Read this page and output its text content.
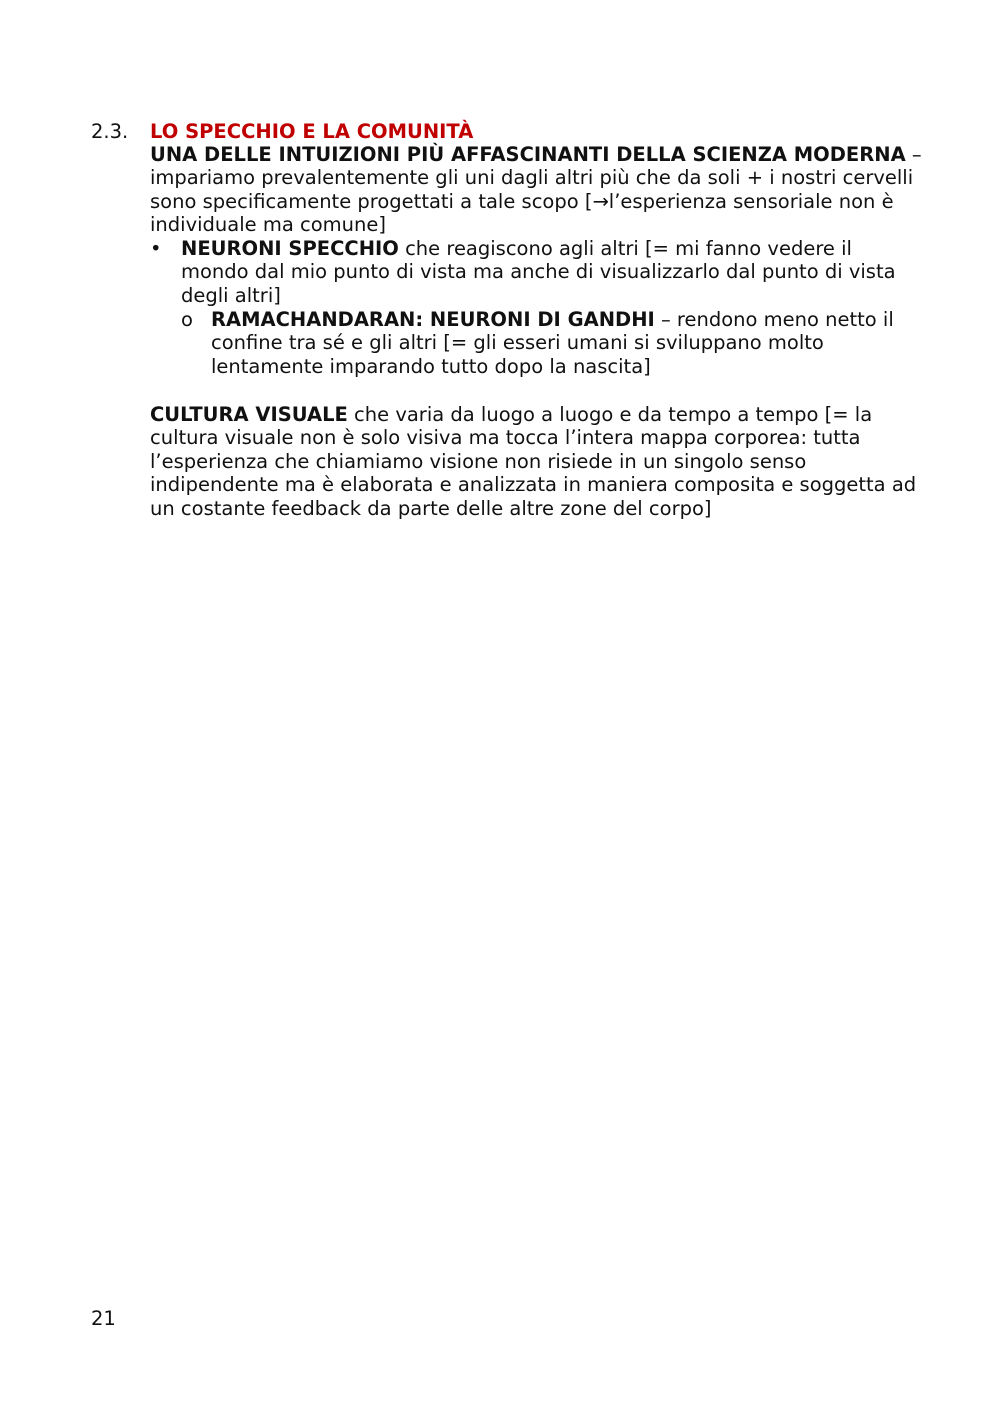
2.3. LO SPECCHIO E LA COMUNITÀ
UNA DELLE INTUIZIONI PIÙ AFFASCINANTI DELLA SCIENZA MODERNA – impariamo prevalentemente gli uni dagli altri più che da soli + i nostri cervelli sono specificamente progettati a tale scopo [→l’esperienza sensoriale non è individuale ma comune]
• NEURONI SPECCHIO che reagiscono agli altri [= mi fanno vedere il mondo dal mio punto di vista ma anche di visualizzarlo dal punto di vista degli altri]
o RAMACHANDARAN: NEURONI DI GANDHI – rendono meno netto il confine tra sé e gli altri [= gli esseri umani si sviluppano molto lentamente imparando tutto dopo la nascita]
CULTURA VISUALE che varia da luogo a luogo e da tempo a tempo [= la cultura visuale non è solo visiva ma tocca l’intera mappa corporea: tutta l’esperienza che chiamiamo visione non risiede in un singolo senso indipendente ma è elaborata e analizzata in maniera composita e soggetta ad un costante feedback da parte delle altre zone del corpo]
21
